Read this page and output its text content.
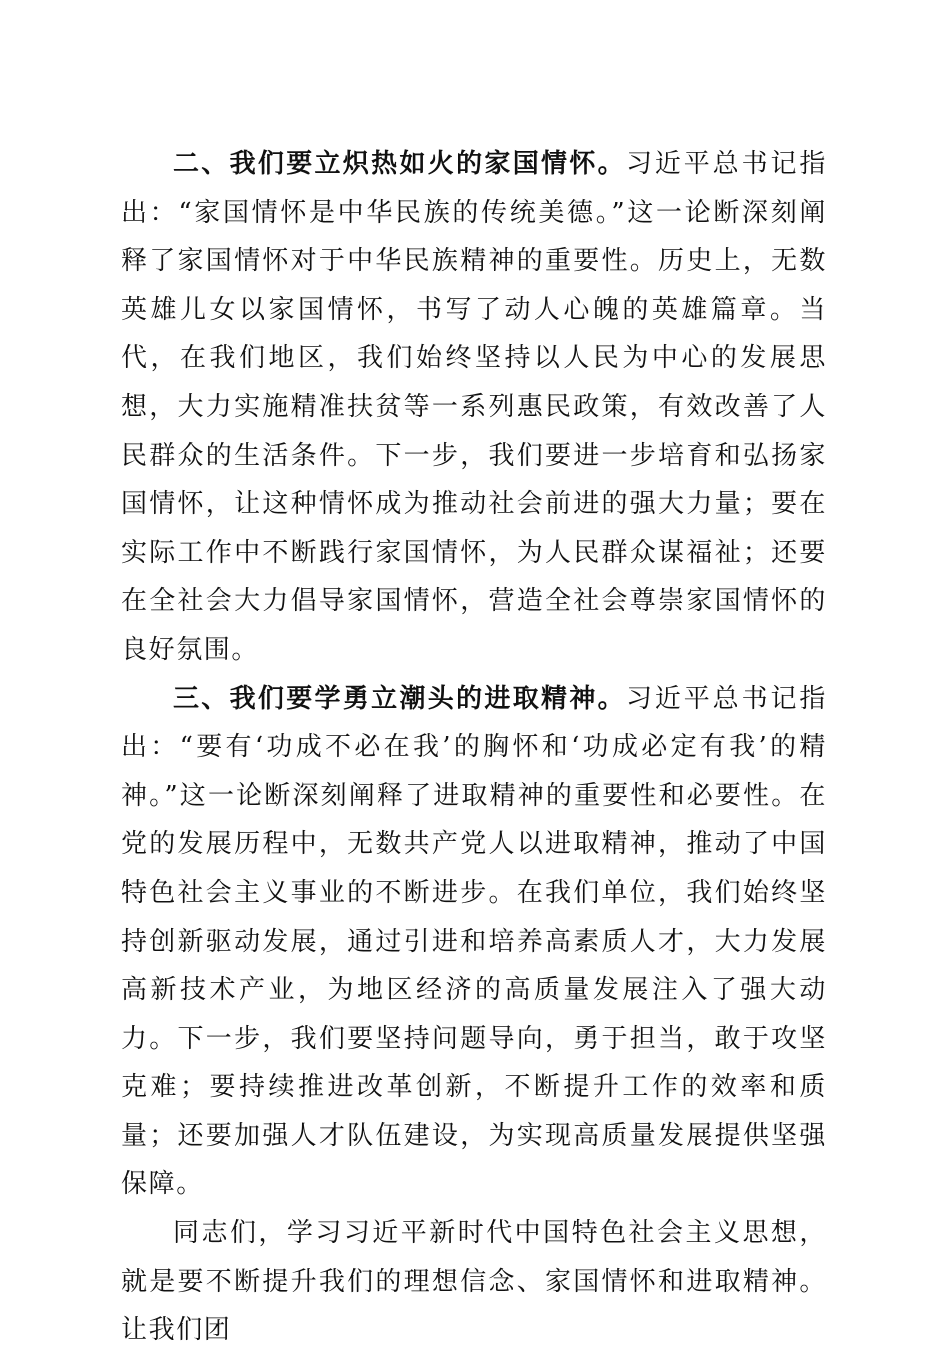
二、我们要立炽热如火的家国情怀。习近平总书记指出：“家国情怀是中华民族的传统美德。”这一论断深刻阐释了家国情怀对于中华民族精神的重要性。历史上，无数英雄儿女以家国情怀，书写了动人心魄的英雄篇章。当代，在我们地区，我们始终坚持以人民为中心的发展思想，大力实施精准扶贫等一系列惠民政策，有效改善了人民群众的生活条件。下一步，我们要进一步培育和弘扬家国情怀，让这种情怀成为推动社会前进的强大力量；要在实际工作中不断践行家国情怀，为人民群众谋福祉；还要在全社会大力倡导家国情怀，营造全社会尊崇家国情怀的良好氛围。

三、我们要学勇立潮头的进取精神。习近平总书记指出：“要有‘功成不必在我’的胸怀和‘功成必定有我’的精神。”这一论断深刻阐释了进取精神的重要性和必要性。在党的发展历程中，无数共产党人以进取精神，推动了中国特色社会主义事业的不断进步。在我们单位，我们始终坚持创新驱动发展，通过引进和培养高素质人才，大力发展高新技术产业，为地区经济的高质量发展注入了强大动力。下一步，我们要坚持问题导向，勇于担当，敢于攻坚克难；要持续推进改革创新，不断提升工作的效率和质量；还要加强人才队伍建设，为实现高质量发展提供坚强保障。

同志们，学习习近平新时代中国特色社会主义思想，就是要不断提升我们的理想信念、家国情怀和进取精神。让我们团
